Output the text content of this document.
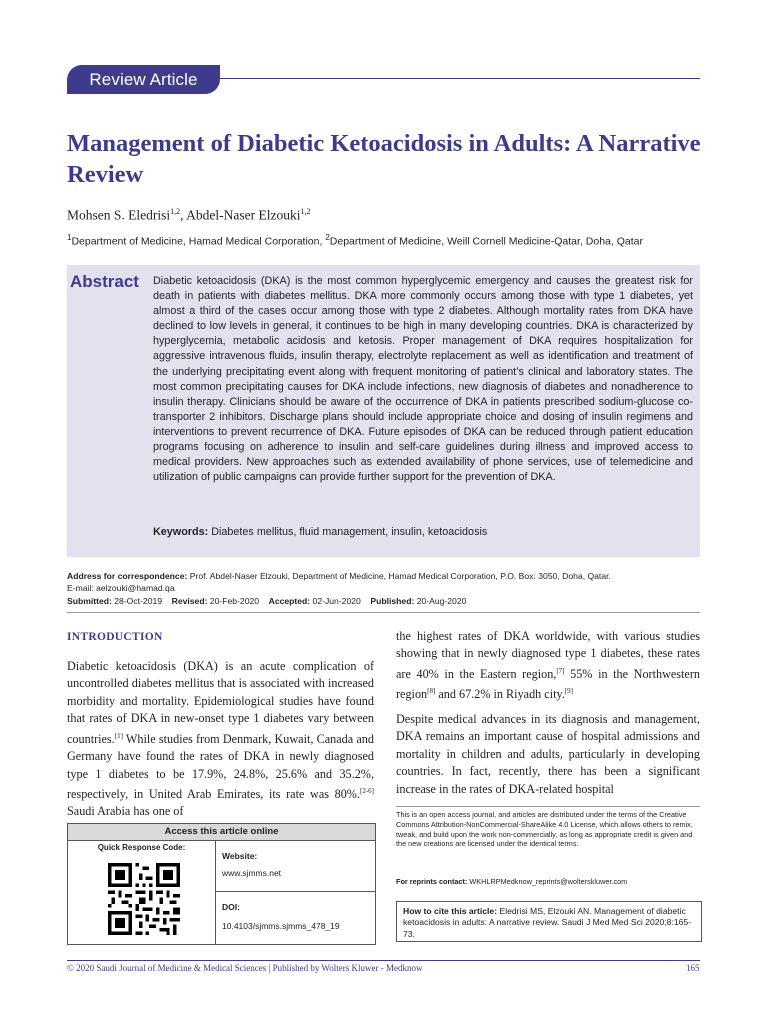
Review Article
Management of Diabetic Ketoacidosis in Adults: A Narrative Review
Mohsen S. Eledrisi$^{1,2}$, Abdel-Naser Elzouki$^{1,2}$
$^1$Department of Medicine, Hamad Medical Corporation, $^2$Department of Medicine, Weill Cornell Medicine-Qatar, Doha, Qatar
Abstract Diabetic ketoacidosis (DKA) is the most common hyperglycemic emergency and causes the greatest risk for death in patients with diabetes mellitus. DKA more commonly occurs among those with type 1 diabetes, yet almost a third of the cases occur among those with type 2 diabetes. Although mortality rates from DKA have declined to low levels in general, it continues to be high in many developing countries. DKA is characterized by hyperglycemia, metabolic acidosis and ketosis. Proper management of DKA requires hospitalization for aggressive intravenous fluids, insulin therapy, electrolyte replacement as well as identification and treatment of the underlying precipitating event along with frequent monitoring of patient’s clinical and laboratory states. The most common precipitating causes for DKA include infections, new diagnosis of diabetes and nonadherence to insulin therapy. Clinicians should be aware of the occurrence of DKA in patients prescribed sodium-glucose co-transporter 2 inhibitors. Discharge plans should include appropriate choice and dosing of insulin regimens and interventions to prevent recurrence of DKA. Future episodes of DKA can be reduced through patient education programs focusing on adherence to insulin and self-care guidelines during illness and improved access to medical providers. New approaches such as extended availability of phone services, use of telemedicine and utilization of public campaigns can provide further support for the prevention of DKA.
Keywords: Diabetes mellitus, fluid management, insulin, ketoacidosis
Address for correspondence: Prof. Abdel-Naser Elzouki, Department of Medicine, Hamad Medical Corporation, P.O. Box: 3050, Doha, Qatar.
E-mail: aelzouki@hamad.qa
Submitted: 28-Oct-2019 Revised: 20-Feb-2020 Accepted: 02-Jun-2020 Published: 20-Aug-2020
INTRODUCTION
Diabetic ketoacidosis (DKA) is an acute complication of uncontrolled diabetes mellitus that is associated with increased morbidity and mortality. Epidemiological studies have found that rates of DKA in new-onset type 1 diabetes vary between countries.[1] While studies from Denmark, Kuwait, Canada and Germany have found the rates of DKA in newly diagnosed type 1 diabetes to be 17.9%, 24.8%, 25.6% and 35.2%, respectively, in United Arab Emirates, its rate was 80%.[2-6] Saudi Arabia has one of
the highest rates of DKA worldwide, with various studies showing that in newly diagnosed type 1 diabetes, these rates are 40% in the Eastern region,[7] 55% in the Northwestern region[8] and 67.2% in Riyadh city.[9]
Despite medical advances in its diagnosis and management, DKA remains an important cause of hospital admissions and mortality in children and adults, particularly in developing countries. In fact, recently, there has been a significant increase in the rates of DKA-related hospital
Access this article online
Quick Response Code:
Website:
www.sjmms.net
DOI:
10.4103/sjmms.sjmms_478_19
This is an open access journal, and articles are distributed under the terms of the Creative Commons Attribution-NonCommercial-ShareAlike 4.0 License, which allows others to remix, tweak, and build upon the work non-commercially, as long as appropriate credit is given and the new creations are licensed under the identical terms.
For reprints contact: WKHLRPMedknow_reprints@wolterskluwer.com
How to cite this article: Eledrisi MS, Elzouki AN. Management of diabetic ketoacidosis in adults: A narrative review. Saudi J Med Med Sci 2020;8:165-73.
© 2020 Saudi Journal of Medicine & Medical Sciences | Published by Wolters Kluwer - Medknow	165
